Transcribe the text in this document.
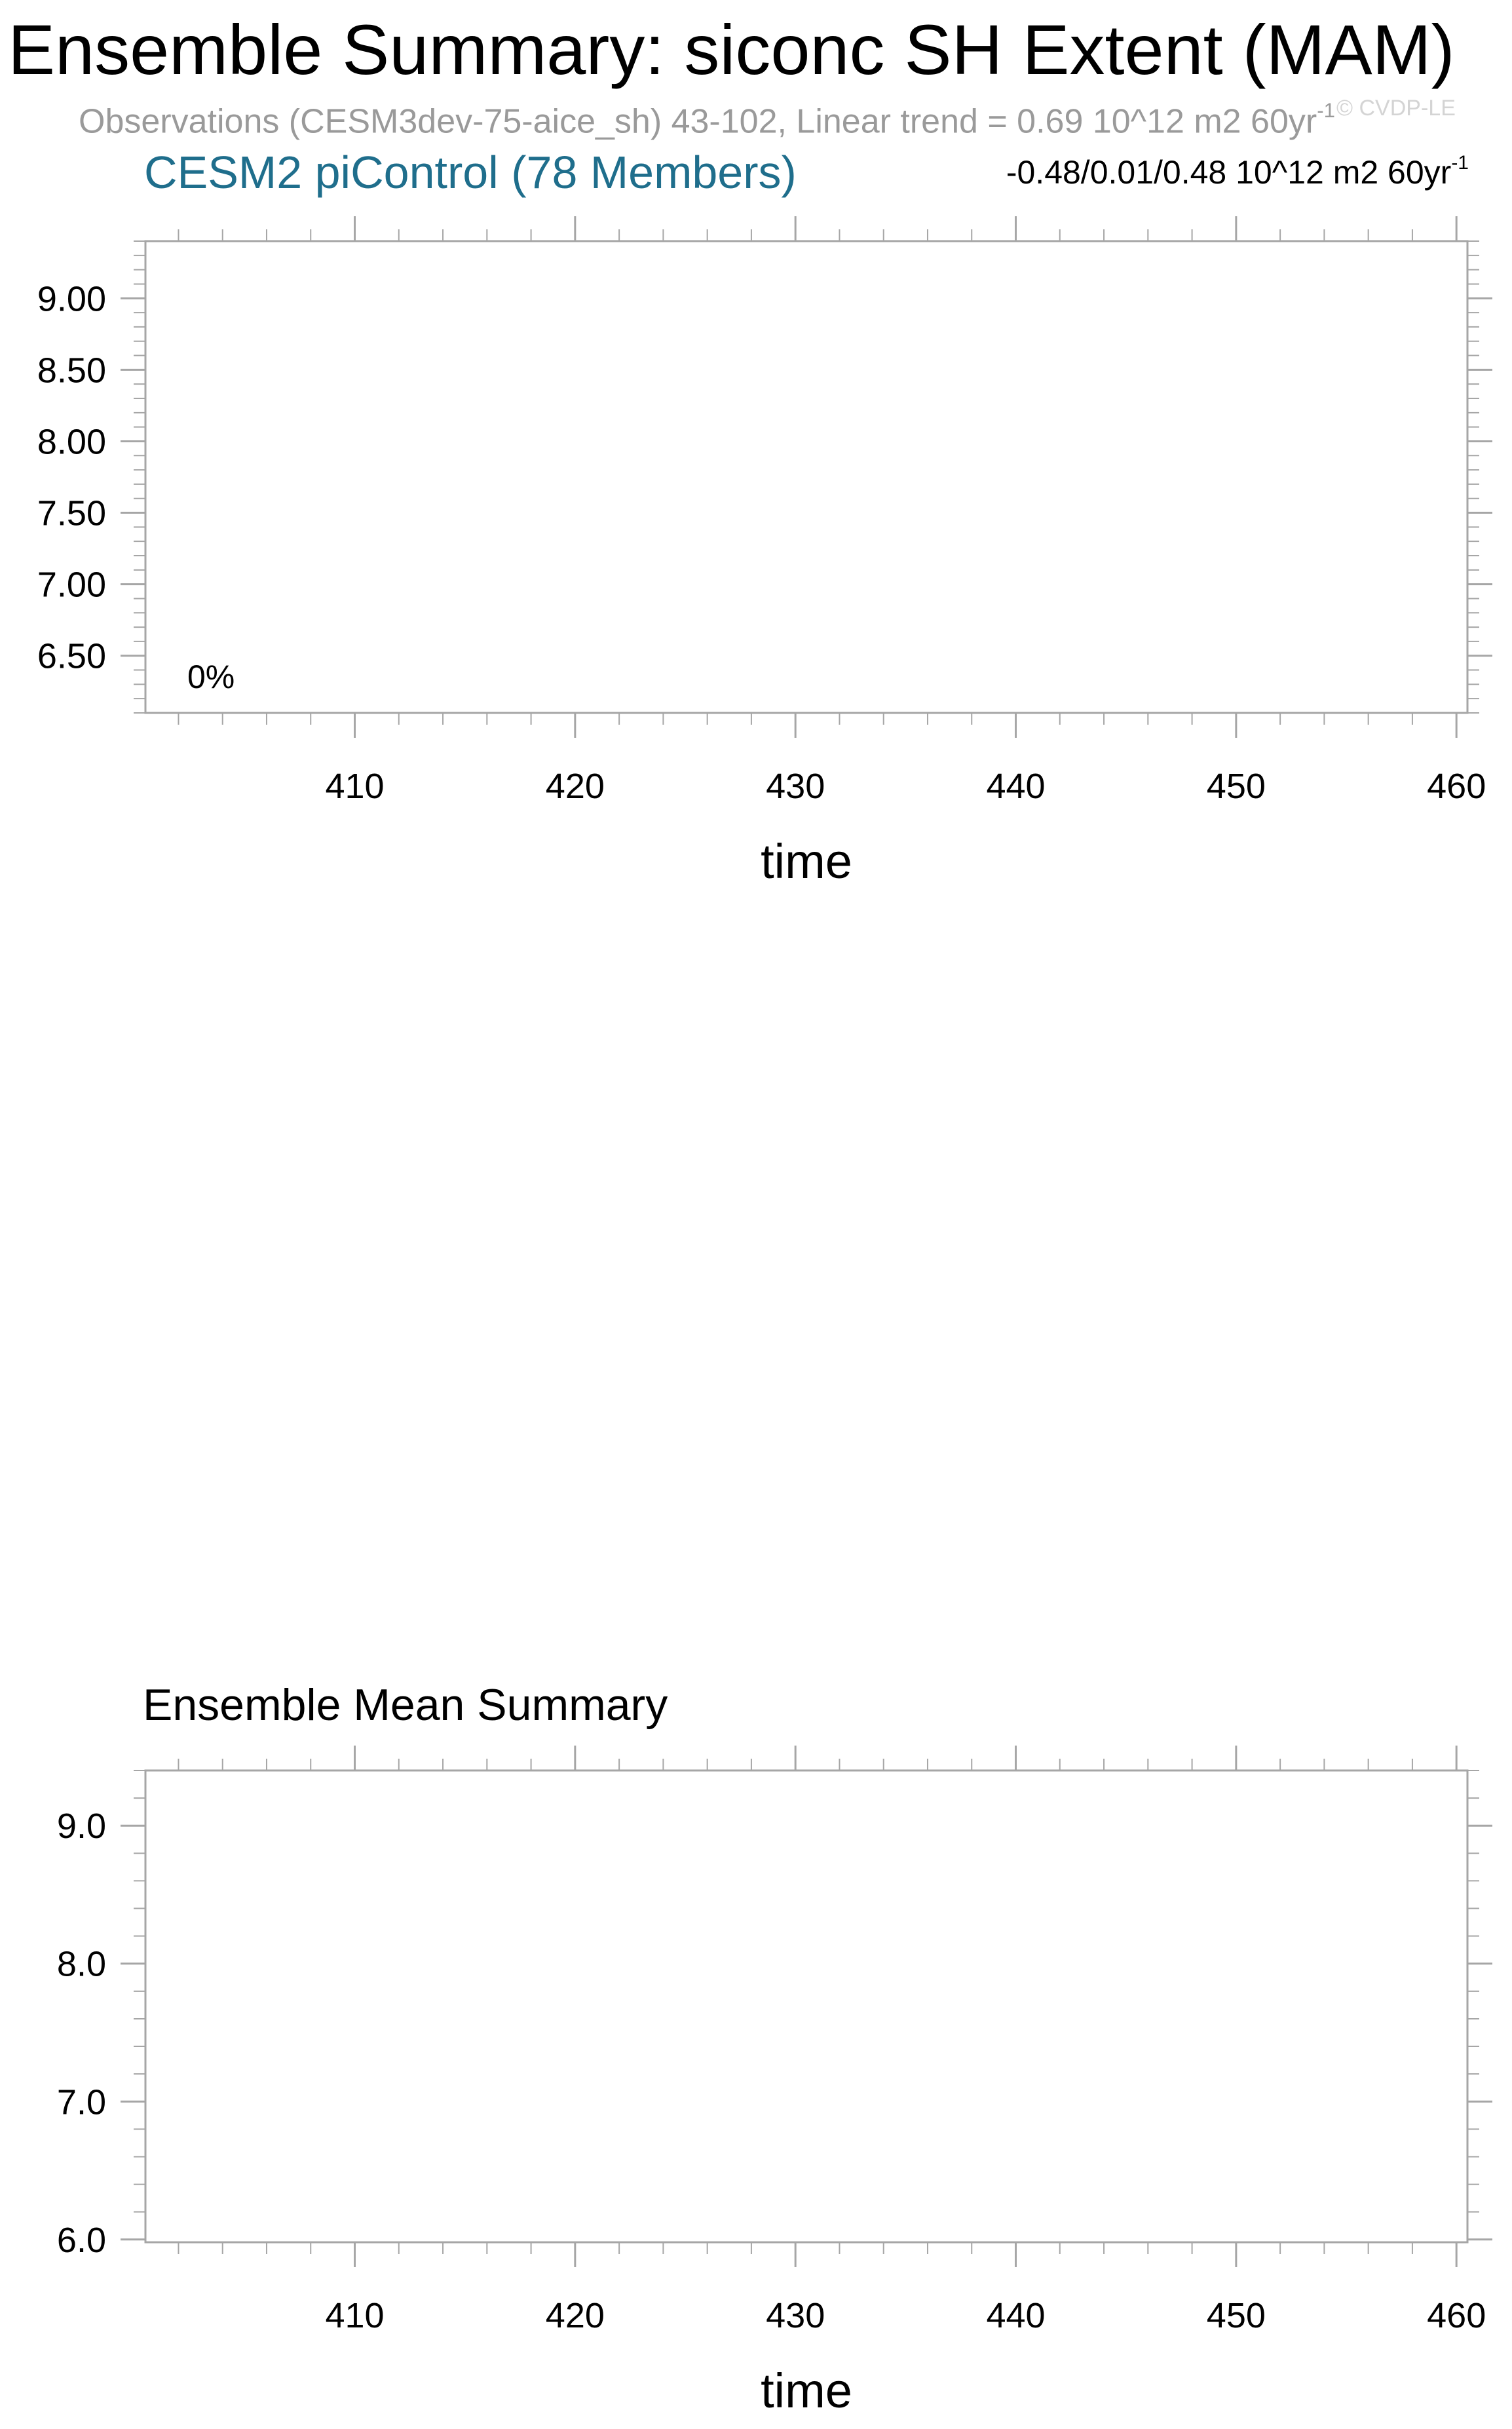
Ensemble Summary: siconc SH Extent (MAM)
Observations (CESM3dev-75-aice_sh) 43-102, Linear trend = 0.69 10^12 m2 $60yr^{-1}$ © CVDP-LE
CESM2 piControl (78 Members)	-0.48/0.01/0.48 10^12 m2 $60yr^{-1}$
410	420	430	440	450	460
6.50
7.00
7.50
8.00
8.50
9.00
time
0%
Ensemble Mean Summary
410	420	430	440	450	460
6.0
7.0
8.0
9.0
time
